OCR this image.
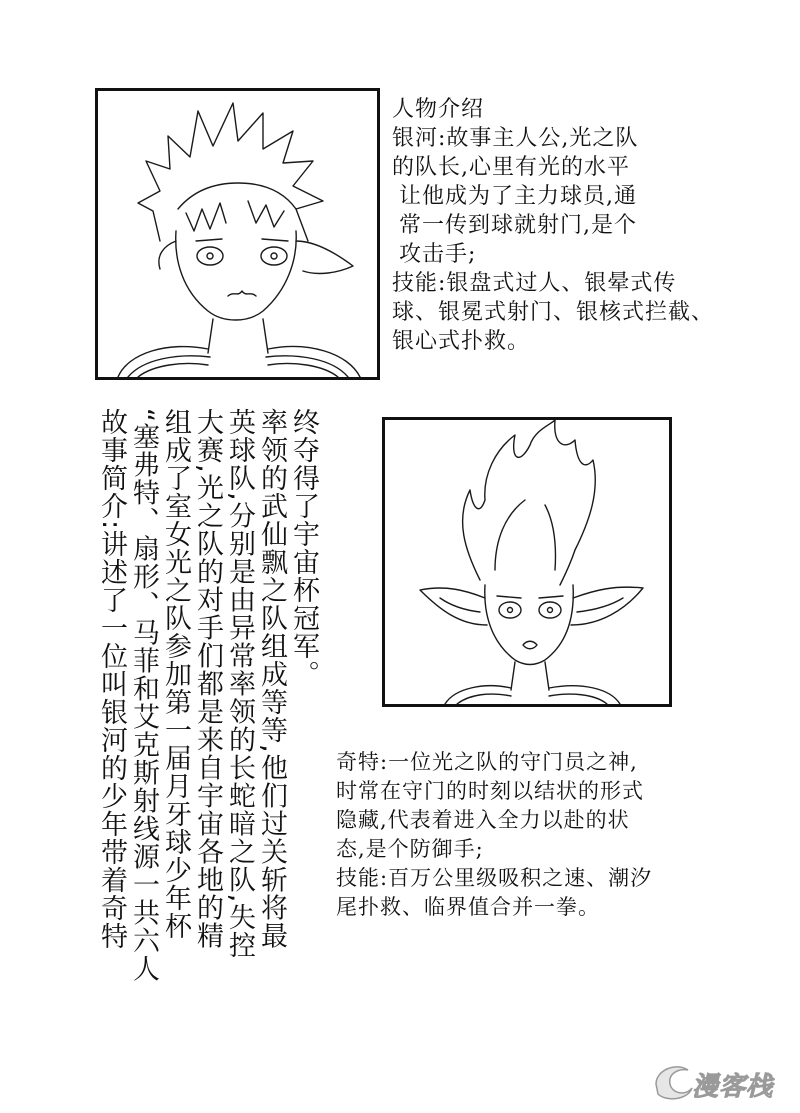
人物介绍
银河:故事主人公,光之队
的队长,心里有光的水平
让他成为了主力球员,通
常一传到球就射门,是个
攻击手;
技能:银盘式过人、银晕式传
球、银冕式射门、银核式拦截、
银心式扑救。
终夺得了宇宙杯冠军。
率领的武仙飘之队组成等等,他们过关斩将最
英球队,分别是由异常率领的长蛇暗之队,失控
大赛,光之队的对手们都是来自宇宙各地的精
组成了室女光之队参加第一届月牙球少年杯
“塞弗特、扇形、马菲和艾克斯射线源一共六人
故事简介:讲述了一位叫银河的少年带着奇特	奇特:一位光之队的守门员之神,
时常在守门的时刻以结状的形式
隐藏,代表着进入全力以赴的状
态,是个防御手;
技能:百万公里级吸积之速、潮汐
尾扑救、临界值合并一拳。
漫客栈
